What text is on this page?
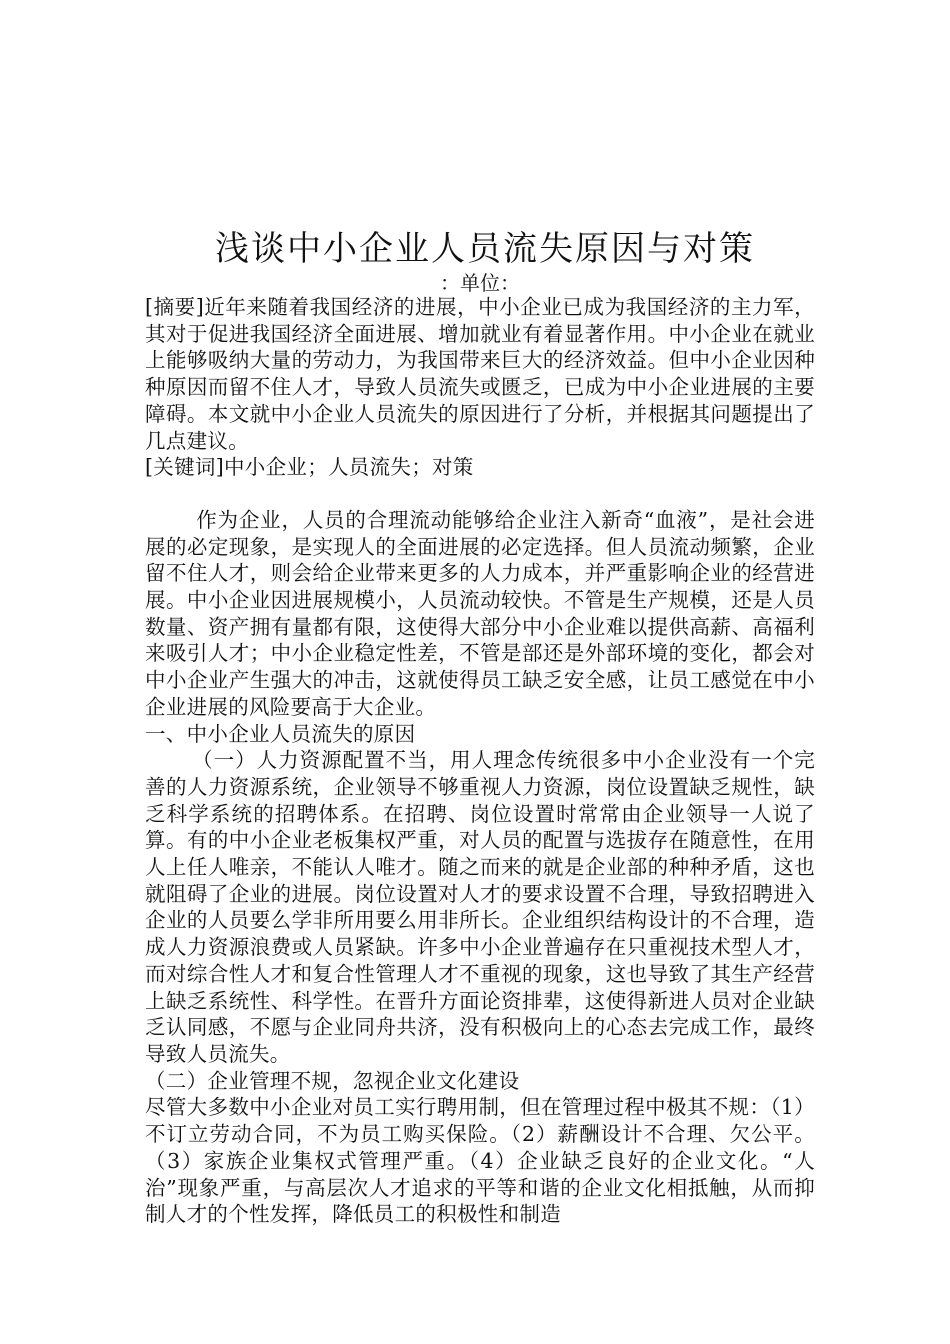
浅谈中小企业人员流失原因与对策

：单位：

[摘要]近年来随着我国经济的进展，中小企业已成为我国经济的主力军，其对于促进我国经济全面进展、增加就业有着显著作用。中小企业在就业上能够吸纳大量的劳动力，为我国带来巨大的经济效益。但中小企业因种种原因而留不住人才，导致人员流失或匮乏，已成为中小企业进展的主要障碍。本文就中小企业人员流失的原因进行了分析，并根据其问题提出了几点建议。

[关键词]中小企业；人员流失；对策

作为企业，人员的合理流动能够给企业注入新奇“血液”，是社会进展的必定现象，是实现人的全面进展的必定选择。但人员流动频繁，企业留不住人才，则会给企业带来更多的人力成本，并严重影响企业的经营进展。中小企业因进展规模小，人员流动较快。不管是生产规模，还是人员数量、资产拥有量都有限，这使得大部分中小企业难以提供高薪、高福利来吸引人才；中小企业稳定性差，不管是部还是外部环境的变化，都会对中小企业产生强大的冲击，这就使得员工缺乏安全感，让员工感觉在中小企业进展的风险要高于大企业。

一、中小企业人员流失的原因

（一）人力资源配置不当，用人理念传统很多中小企业没有一个完善的人力资源系统，企业领导不够重视人力资源，岗位设置缺乏规性，缺乏科学系统的招聘体系。在招聘、岗位设置时常常由企业领导一人说了算。有的中小企业老板集权严重，对人员的配置与选拔存在随意性，在用人上任人唯亲，不能认人唯才。随之而来的就是企业部的种种矛盾，这也就阻碍了企业的进展。岗位设置对人才的要求设置不合理，导致招聘进入企业的人员要么学非所用要么用非所长。企业组织结构设计的不合理，造成人力资源浪费或人员紧缺。许多中小企业普遍存在只重视技术型人才，而对综合性人才和复合性管理人才不重视的现象，这也导致了其生产经营上缺乏系统性、科学性。在晋升方面论资排辈，这使得新进人员对企业缺乏认同感，不愿与企业同舟共济，没有积极向上的心态去完成工作，最终导致人员流失。

（二）企业管理不规，忽视企业文化建设

尽管大多数中小企业对员工实行聘用制，但在管理过程中极其不规：（1）不订立劳动合同，不为员工购买保险。（2）薪酬设计不合理、欠公平。（3）家族企业集权式管理严重。（4）企业缺乏良好的企业文化。“人治”现象严重，与高层次人才追求的平等和谐的企业文化相抵触，从而抑制人才的个性发挥，降低员工的积极性和制造
